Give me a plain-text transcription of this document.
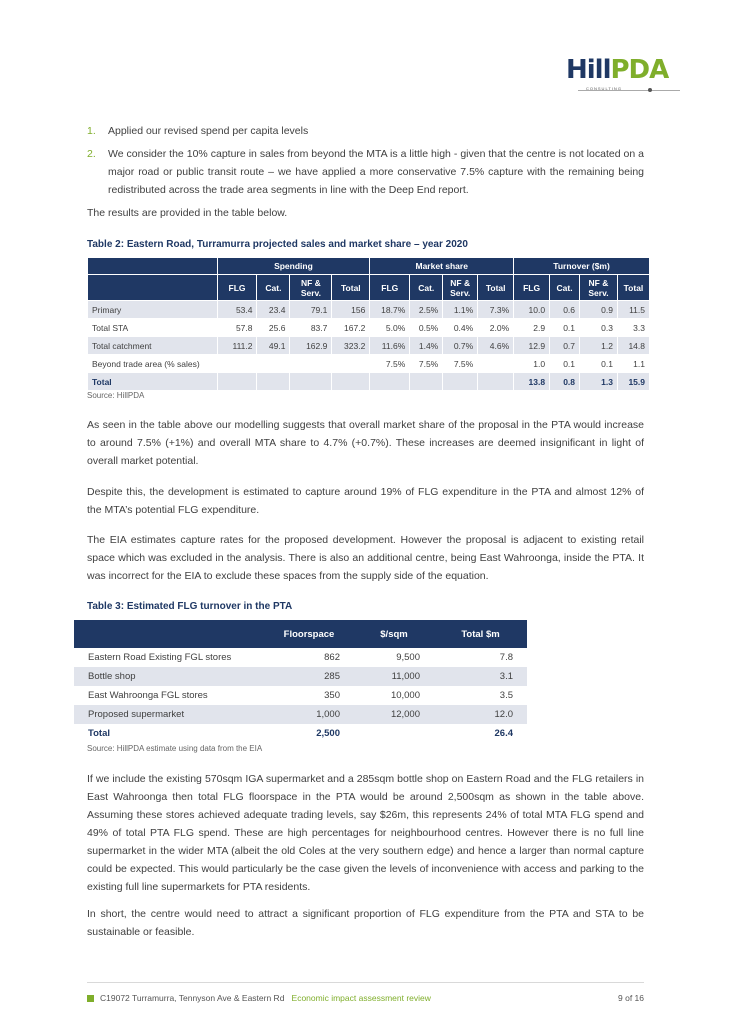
HillPDA
CONSULTING
1. Applied our revised spend per capita levels
2. We consider the 10% capture in sales from beyond the MTA is a little high - given that the centre is not located on a major road or public transit route – we have applied a more conservative 7.5% capture with the remaining being redistributed across the trade area segments in line with the Deep End report.
The results are provided in the table below.
Table 2: Eastern Road, Turramurra projected sales and market share – year 2020
	Spending				Market share				Turnover ($m)			
	FLG	Cat.	NF & Serv.	Total	FLG	Cat.	NF & Serv.	Total	FLG	Cat.	NF & Serv.	Total
Primary	53.4	23.4	79.1	156	18.7%	2.5%	1.1%	7.3%	10.0	0.6	0.9	11.5
Total STA	57.8	25.6	83.7	167.2	5.0%	0.5%	0.4%	2.0%	2.9	0.1	0.3	3.3
Total catchment	111.2	49.1	162.9	323.2	11.6%	1.4%	0.7%	4.6%	12.9	0.7	1.2	14.8
Beyond trade area (% sales)					7.5%	7.5%	7.5%		1.0	0.1	0.1	1.1
Total									13.8	0.8	1.3	15.9
Source: HillPDA
As seen in the table above our modelling suggests that overall market share of the proposal in the PTA would increase to around 7.5% (+1%) and overall MTA share to 4.7% (+0.7%). These increases are deemed insignificant in light of overall market potential.
Despite this, the development is estimated to capture around 19% of FLG expenditure in the PTA and almost 12% of the MTA’s potential FLG expenditure.
The EIA estimates capture rates for the proposed development. However the proposal is adjacent to existing retail space which was excluded in the analysis. There is also an additional centre, being East Wahroonga, inside the PTA. It was incorrect for the EIA to exclude these spaces from the supply side of the equation.
Table 3: Estimated FLG turnover in the PTA
	Floorspace	$/sqm	Total $m
Eastern Road Existing FGL stores	862	9,500	7.8
Bottle shop	285	11,000	3.1
East Wahroonga FGL stores	350	10,000	3.5
Proposed supermarket	1,000	12,000	12.0
Total	2,500		26.4
Source: HillPDA estimate using data from the EIA
If we include the existing 570sqm IGA supermarket and a 285sqm bottle shop on Eastern Road and the FLG retailers in East Wahroonga then total FLG floorspace in the PTA would be around 2,500sqm as shown in the table above. Assuming these stores achieved adequate trading levels, say $26m, this represents 24% of total MTA FLG spend and 49% of total PTA FLG spend. These are high percentages for neighbourhood centres. However there is no full line supermarket in the wider MTA (albeit the old Coles at the very southern edge) and hence a larger than normal capture could be expected. This would particularly be the case given the levels of inconvenience with access and parking to the existing full line supermarkets for PTA residents.
In short, the centre would need to attract a significant proportion of FLG expenditure from the PTA and STA to be sustainable or feasible.
C19072 Turramurra, Tennyson Ave & Eastern Rd Economic impact assessment review	9 of 16
